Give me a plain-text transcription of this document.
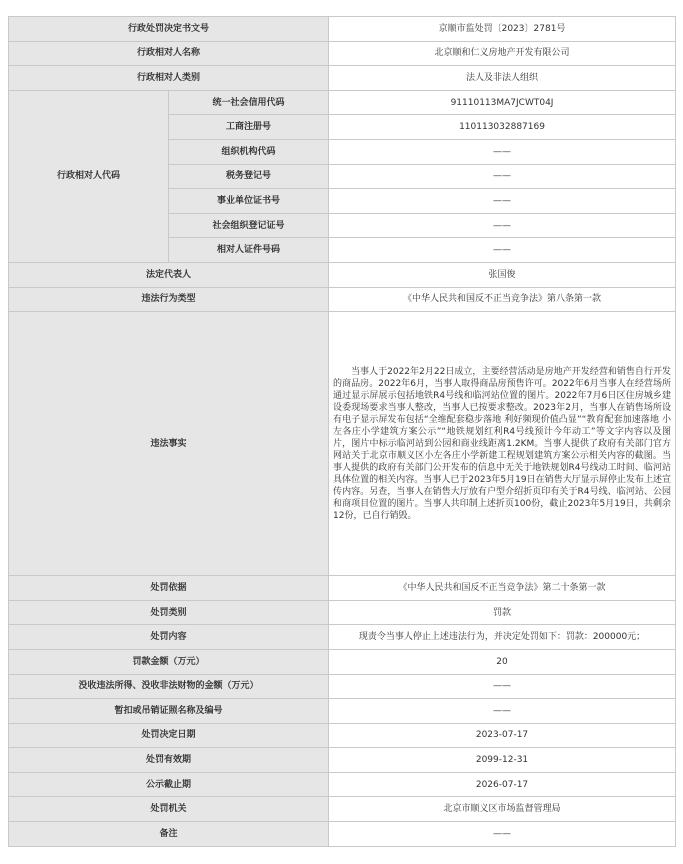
行政处罚决定书文号		京顺市监处罚〔2023〕2781号
行政相对人名称		北京顺和仁义房地产开发有限公司
行政相对人类别		法人及非法人组织
行政相对人代码	统一社会信用代码	91110113MA7JCWT04J
	工商注册号	110113032887169
	组织机构代码	——
	税务登记号	——
	事业单位证书号	——
	社会组织登记证号	——
	相对人证件号码	——
法定代表人		张国俊
违法行为类型		《中华人民共和国反不正当竞争法》第八条第一款
违法事实		当事人于2022年2月22日成立，主要经营活动是房地产开发经营和销售自行开发的商品房。2022年6月，当事人取得商品房预售许可。2022年6月当事人在经营场所通过显示屏展示包括地铁R4号线和临河站位置的图片。2022年7月6日区住房城乡建设委现场要求当事人整改，当事人已按要求整改。2023年2月，当事人在销售场所设有电子显示屏发布包括“全维配套稳步落地 利好频现价值凸显”“教育配套加速落地 小左各庄小学建筑方案公示”“地铁规划红利R4号线预计今年动工”等文字内容以及图片，图片中标示临河站到公园和商业线距离1.2KM。当事人提供了政府有关部门官方网站关于北京市顺义区小左各庄小学新建工程规划建筑方案公示相关内容的截图。当事人提供的政府有关部门公开发布的信息中无关于地铁规划R4号线动工时间、临河站具体位置的相关内容。当事人已于2023年5月19日在销售大厅显示屏停止发布上述宣传内容。另查，当事人在销售大厅放有户型介绍折页印有关于R4号线、临河站、公园和商项目位置的图片。当事人共印制上述折页100份，截止2023年5月19日，共剩余12份，已自行销毁。

处罚依据		《中华人民共和国反不正当竞争法》第二十条第一款
处罚类别		罚款
处罚内容		现责令当事人停止上述违法行为，并决定处罚如下：罚款：200000元；
罚款金额（万元）		20
没收违法所得、没收非法财物的金额（万元）		——
暂扣或吊销证照名称及编号		——
处罚决定日期		2023-07-17
处罚有效期		2099-12-31
公示截止期		2026-07-17
处罚机关		北京市顺义区市场监督管理局
备注		——
